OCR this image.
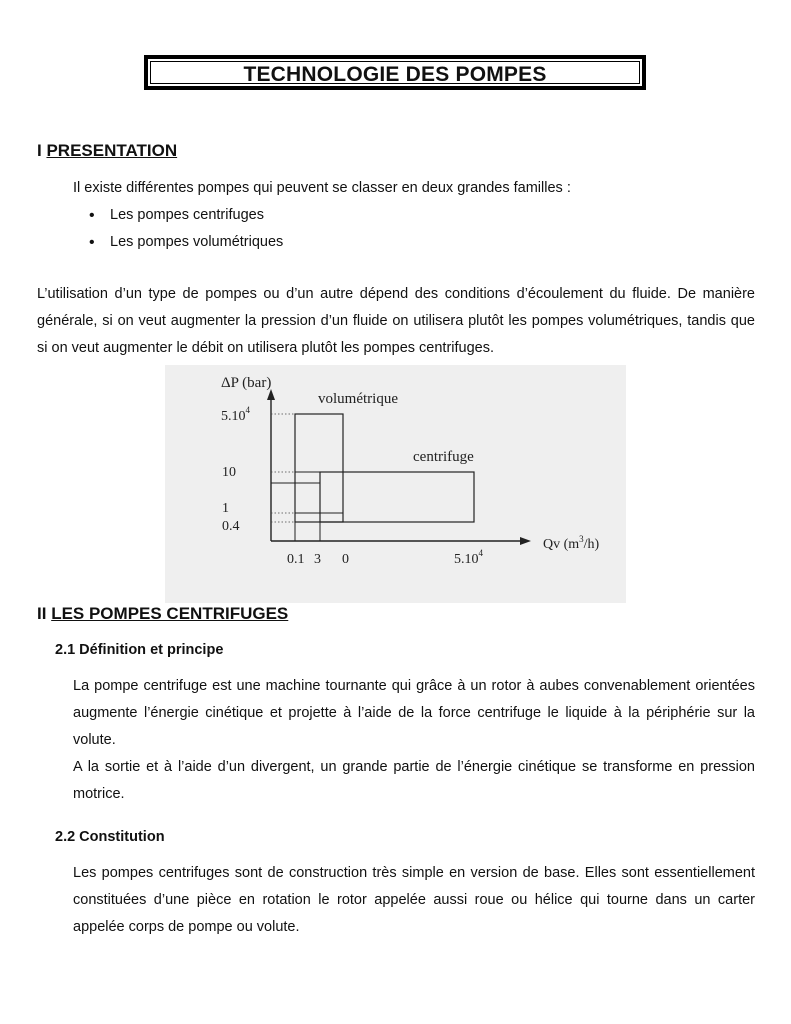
TECHNOLOGIE DES POMPES
I PRESENTATION
Il existe différentes pompes qui peuvent se classer en deux grandes familles :
• Les pompes centrifuges
• Les pompes volumétriques
L’utilisation d’un type de pompes ou d’un autre dépend des conditions d’écoulement du fluide. De manière générale, si on veut augmenter la pression d’un fluide on utilisera plutôt les pompes volumétriques, tandis que si on veut augmenter le débit on utilisera plutôt les pompes centrifuges.
ΔP (bar)
Qv $(m^3/h)$
volumétrique
centrifuge
5.10$^4$
10
1
0.4
0.1 3 0	5.10$^4$
II LES POMPES CENTRIFUGES
2.1 Définition et principe
La pompe centrifuge est une machine tournante qui grâce à un rotor à aubes convenablement orientées augmente l’énergie cinétique et projette à l’aide de la force centrifuge le liquide à la périphérie sur la volute.
A la sortie et à l’aide d’un divergent, un grande partie de l’énergie cinétique se transforme en pression motrice.
2.2 Constitution
Les pompes centrifuges sont de construction très simple en version de base. Elles sont essentiellement constituées d’une pièce en rotation le rotor appelée aussi roue ou hélice qui tourne dans un carter appelée corps de pompe ou volute.
